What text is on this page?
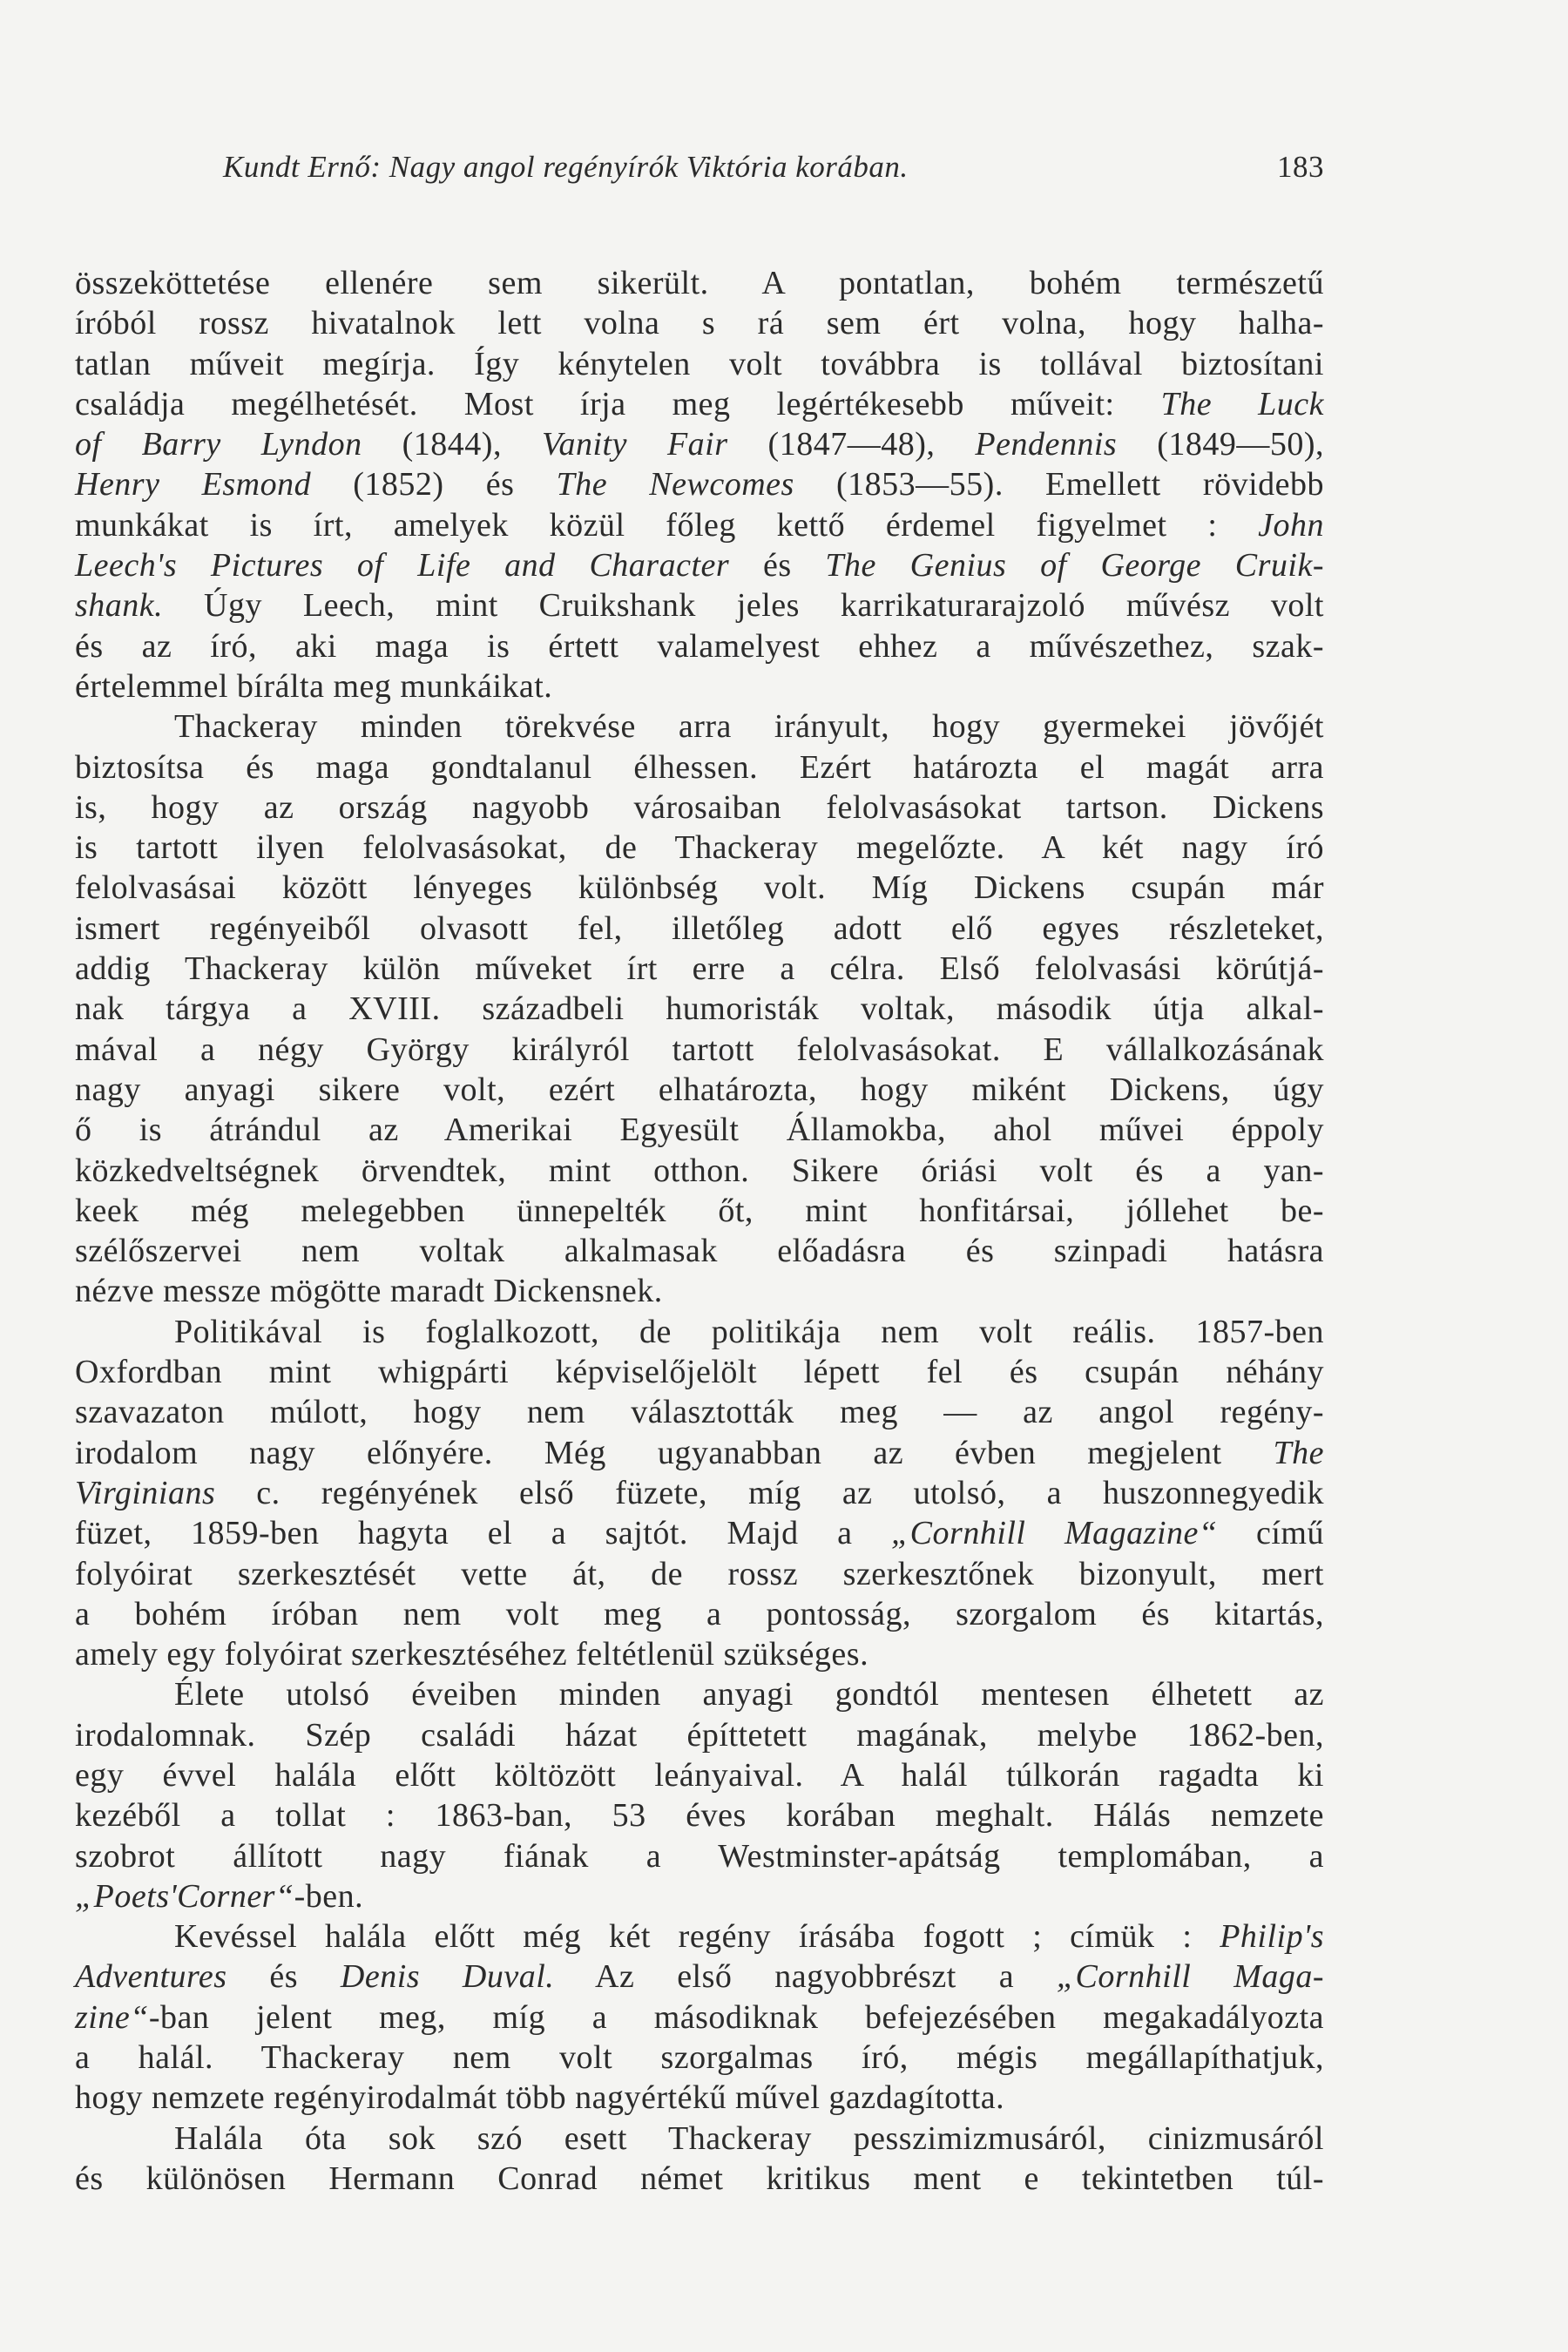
Kundt Ernő: Nagy angol regényírók Viktória korában.	183
összeköttetése ellenére sem sikerült. A pontatlan, bohém természetű
íróból rossz hivatalnok lett volna s rá sem ért volna, hogy halha-
tatlan műveit megírja. Így kénytelen volt továbbra is tollával biztosítani
családja megélhetését. Most írja meg legértékesebb műveit: The Luck
of Barry Lyndon (1844), Vanity Fair (1847—48), Pendennis (1849—50),
Henry Esmond (1852) és The Newcomes (1853—55). Emellett rövidebb
munkákat is írt, amelyek közül főleg kettő érdemel figyelmet : John
Leech's Pictures of Life and Character és The Genius of George Cruik-
shank. Úgy Leech, mint Cruikshank jeles karrikaturarajzoló művész volt
és az író, aki maga is értett valamelyest ehhez a művészethez, szak-
értelemmel bírálta meg munkáikat.
Thackeray minden törekvése arra irányult, hogy gyermekei jövőjét
biztosítsa és maga gondtalanul élhessen. Ezért határozta el magát arra
is, hogy az ország nagyobb városaiban felolvasásokat tartson. Dickens
is tartott ilyen felolvasásokat, de Thackeray megelőzte. A két nagy író
felolvasásai között lényeges különbség volt. Míg Dickens csupán már
ismert regényeiből olvasott fel, illetőleg adott elő egyes részleteket,
addig Thackeray külön műveket írt erre a célra. Első felolvasási körútjá-
nak tárgya a XVIII. századbeli humoristák voltak, második útja alkal-
mával a négy György királyról tartott felolvasásokat. E vállalkozásának
nagy anyagi sikere volt, ezért elhatározta, hogy miként Dickens, úgy
ő is átrándul az Amerikai Egyesült Államokba, ahol művei éppoly
közkedveltségnek örvendtek, mint otthon. Sikere óriási volt és a yan-
keek még melegebben ünnepelték őt, mint honfitársai, jóllehet be-
szélőszervei nem voltak alkalmasak előadásra és szinpadi hatásra
nézve messze mögötte maradt Dickensnek.
Politikával is foglalkozott, de politikája nem volt reális. 1857-ben
Oxfordban mint whigpárti képviselőjelölt lépett fel és csupán néhány
szavazaton múlott, hogy nem választották meg — az angol regény-
irodalom nagy előnyére. Még ugyanabban az évben megjelent The
Virginians c. regényének első füzete, míg az utolsó, a huszonnegyedik
füzet, 1859-ben hagyta el a sajtót. Majd a „Cornhill Magazine“ című
folyóirat szerkesztését vette át, de rossz szerkesztőnek bizonyult, mert
a bohém íróban nem volt meg a pontosság, szorgalom és kitartás,
amely egy folyóirat szerkesztéséhez feltétlenül szükséges.
Élete utolsó éveiben minden anyagi gondtól mentesen élhetett az
irodalomnak. Szép családi házat építtetett magának, melybe 1862-ben,
egy évvel halála előtt költözött leányaival. A halál túlkorán ragadta ki
kezéből a tollat : 1863-ban, 53 éves korában meghalt. Hálás nemzete
szobrot állított nagy fiának a Westminster-apátság templomában, a
„Poets'Corner“-ben.
Kevéssel halála előtt még két regény írásába fogott ; címük : Philip's
Adventures és Denis Duval. Az első nagyobbrészt a „Cornhill Maga-
zine“-ban jelent meg, míg a másodiknak befejezésében megakadályozta
a halál. Thackeray nem volt szorgalmas író, mégis megállapíthatjuk,
hogy nemzete regényirodalmát több nagyértékű művel gazdagította.
Halála óta sok szó esett Thackeray pesszimizmusáról, cinizmusáról
és különösen Hermann Conrad német kritikus ment e tekintetben túl-
